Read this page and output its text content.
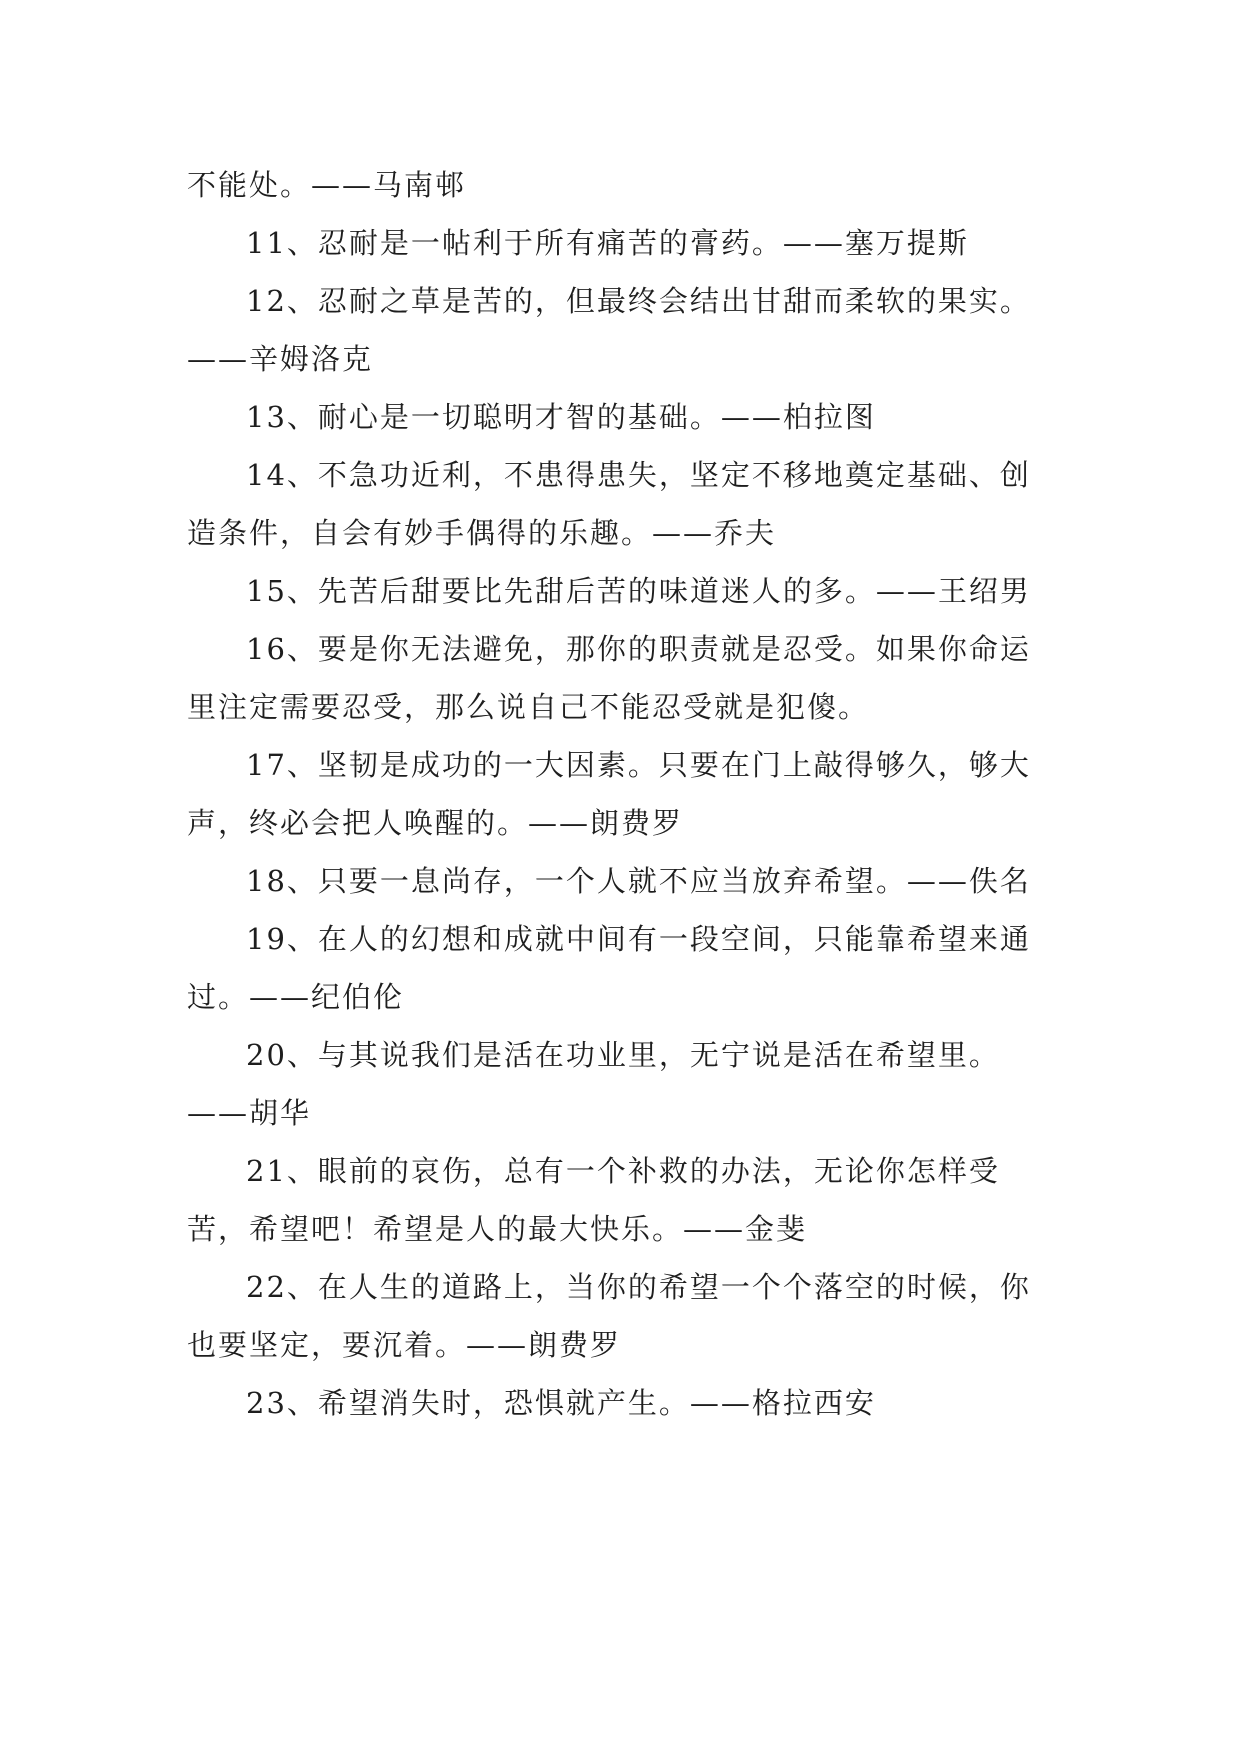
不能处。——马南邨

11、忍耐是一帖利于所有痛苦的膏药。——塞万提斯

12、忍耐之草是苦的，但最终会结出甘甜而柔软的果实。——辛姆洛克

13、耐心是一切聪明才智的基础。——柏拉图

14、不急功近利，不患得患失，坚定不移地奠定基础、创造条件，自会有妙手偶得的乐趣。——乔夫

15、先苦后甜要比先甜后苦的味道迷人的多。——王绍男

16、要是你无法避免，那你的职责就是忍受。如果你命运里注定需要忍受，那么说自己不能忍受就是犯傻。

17、坚韧是成功的一大因素。只要在门上敲得够久，够大声，终必会把人唤醒的。——朗费罗

18、只要一息尚存，一个人就不应当放弃希望。——佚名

19、在人的幻想和成就中间有一段空间，只能靠希望来通过。——纪伯伦

20、与其说我们是活在功业里，无宁说是活在希望里。——胡华

21、眼前的哀伤，总有一个补救的办法，无论你怎样受苦，希望吧！希望是人的最大快乐。——金斐

22、在人生的道路上，当你的希望一个个落空的时候，你也要坚定，要沉着。——朗费罗

23、希望消失时，恐惧就产生。——格拉西安
